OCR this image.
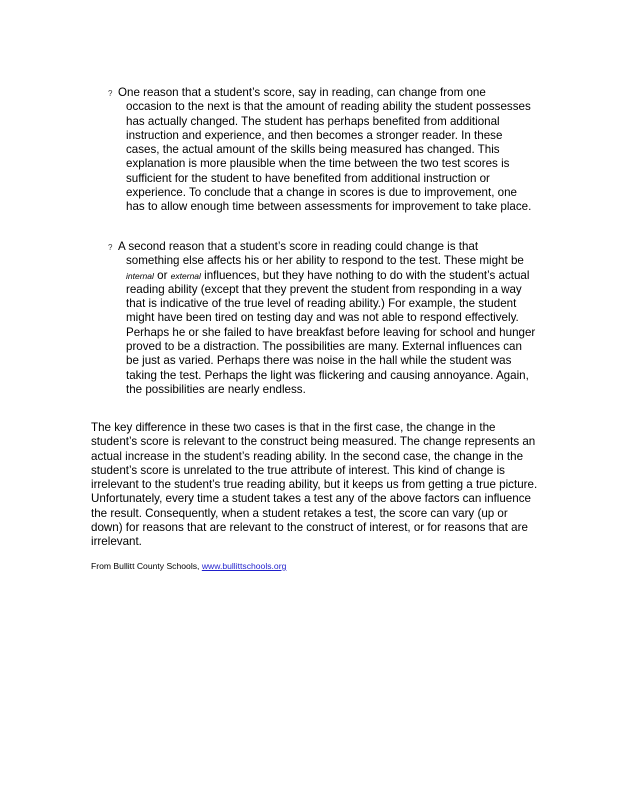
? One reason that a student’s score, say in reading, can change from one
occasion to the next is that the amount of reading ability the student possesses has actually changed. The student has perhaps benefited from additional instruction and experience, and then becomes a stronger reader. In these cases, the actual amount of the skills being measured has changed. This explanation is more plausible when the time between the two test scores is sufficient for the student to have benefited from additional instruction or experience. To conclude that a change in scores is due to improvement, one has to allow enough time between assessments for improvement to take place.
? A second reason that a student’s score in reading could change is that
something else affects his or her ability to respond to the test. These might be internal or external influences, but they have nothing to do with the student’s actual reading ability (except that they prevent the student from responding in a way that is indicative of the true level of reading ability.) For example, the student might have been tired on testing day and was not able to respond effectively. Perhaps he or she failed to have breakfast before leaving for school and hunger proved to be a distraction. The possibilities are many. External influences can be just as varied. Perhaps there was noise in the hall while the student was taking the test. Perhaps the light was flickering and causing annoyance. Again, the possibilities are nearly endless.
The key difference in these two cases is that in the first case, the change in the student’s score is relevant to the construct being measured. The change represents an actual increase in the student’s reading ability. In the second case, the change in the student’s score is unrelated to the true attribute of interest. This kind of change is irrelevant to the student’s true reading ability, but it keeps us from getting a true picture. Unfortunately, every time a student takes a test any of the above factors can influence the result. Consequently, when a student retakes a test, the score can vary (up or down) for reasons that are relevant to the construct of interest, or for reasons that are irrelevant.
From Bullitt County Schools, www.bullittschools.org
